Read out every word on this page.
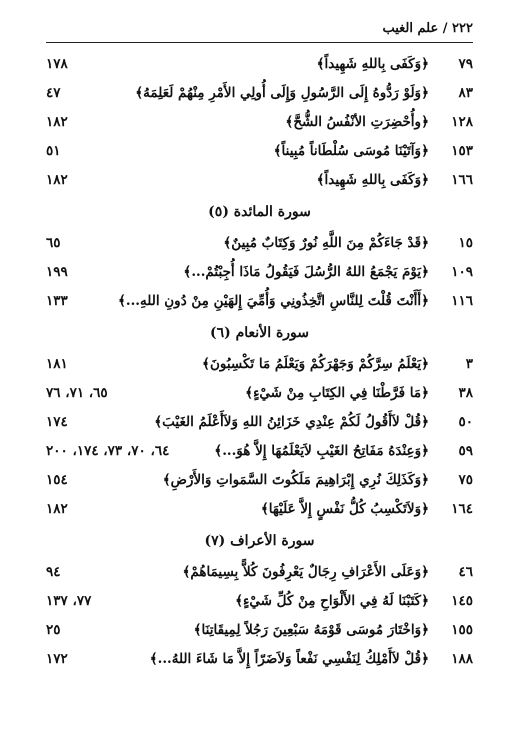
٢٢٢ / علم الغيب
٧٩
﴿وَكَفَى بِاللهِ شَهِيداً﴾
١٧٨
٨٣
﴿وَلَوْ رَدُّوهُ إِلَى الرَّسُولِ وَإِلَى أُولِي الأَمْرِ مِنْهُمْ لَعَلِمَهُ﴾
٤٧
١٢٨
﴿وأُحْضِرَتِ الأنْفُسُ الشُّحَّ﴾
١٨٢
١٥٣
﴿وَآتَيْنَا مُوسَى سُلْطَاناً مُبِيناً﴾
٥١
١٦٦
﴿وَكَفَى بِاللهِ شَهِيداً﴾
١٨٢
سورة المائدة (٥)
١٥
﴿قَدْ جَاءَكُمْ مِنَ اللَّهِ نُورٌ وَكِتَابٌ مُبِينٌ﴾
٦٥
١٠٩
﴿يَوْمَ يَجْمَعُ اللهُ الرُّسُلَ فَيَقُولُ مَاذَا أُجِبْتُمْ...﴾
١٩٩
١١٦
﴿أَأَنْتَ قُلْتَ لِلنَّاسِ اتَّخِذُونِي وَأُمِّيَ إِلهَيْنِ مِنْ دُونِ اللهِ...﴾
١٣٣
سورة الأنعام (٦)
٣
﴿يَعْلَمُ سِرَّكُمْ وَجَهْرَكُمْ وَيَعْلَمُ مَا تَكْسِبُونَ﴾
١٨١
٣٨
﴿مَا فَرَّطْنَا فِي الكِتَابِ مِنْ شَيْءٍ﴾
٦٥، ٧١، ٧٦
٥٠
﴿قُلْ لاَأَقُولُ لَكُمْ عِنْدِي خَزَائِنُ اللهِ وَلاَأَعْلَمُ الغَيْبَ﴾
١٧٤
٥٩
﴿وَعِنْدَهُ مَفَاتِحُ الغَيْبِ لاَيَعْلَمُهَا إِلاَّ هُوَ...﴾
٦٤، ٧٠، ٧٣، ١٧٤، ٢٠٠
٧٥
﴿وَكَذَلِكَ نُرِي إِبْرَاهِيمَ مَلَكُوتَ السَّمَواتِ وَالأَرْضِ﴾
١٥٤
١٦٤
﴿وَلاَتَكْسِبُ كُلُّ نَفْسٍ إِلاَّ عَلَيْهَا﴾
١٨٢
سورة الأعراف (٧)
٤٦
﴿وَعَلَى الأَعْرَافِ رِجَالٌ يَعْرِفُونَ كُلاًّ بِسِيمَاهُمْ﴾
٩٤
١٤٥
﴿كَتَبْنَا لَهُ فِي الأَلْوَاحِ مِنْ كُلِّ شَيْءٍ﴾
٧٧، ١٣٧
١٥٥
﴿وَاخْتَارَ مُوسَى قَوْمَهُ سَبْعِينَ رَجُلاً لِمِيقَاتِنَا﴾
٢٥
١٨٨
﴿قُلْ لاَأَمْلِكُ لِنَفْسِي نَفْعاً وَلاَضَرّاً إِلاَّ مَا شَاءَ اللهُ...﴾
١٧٢
